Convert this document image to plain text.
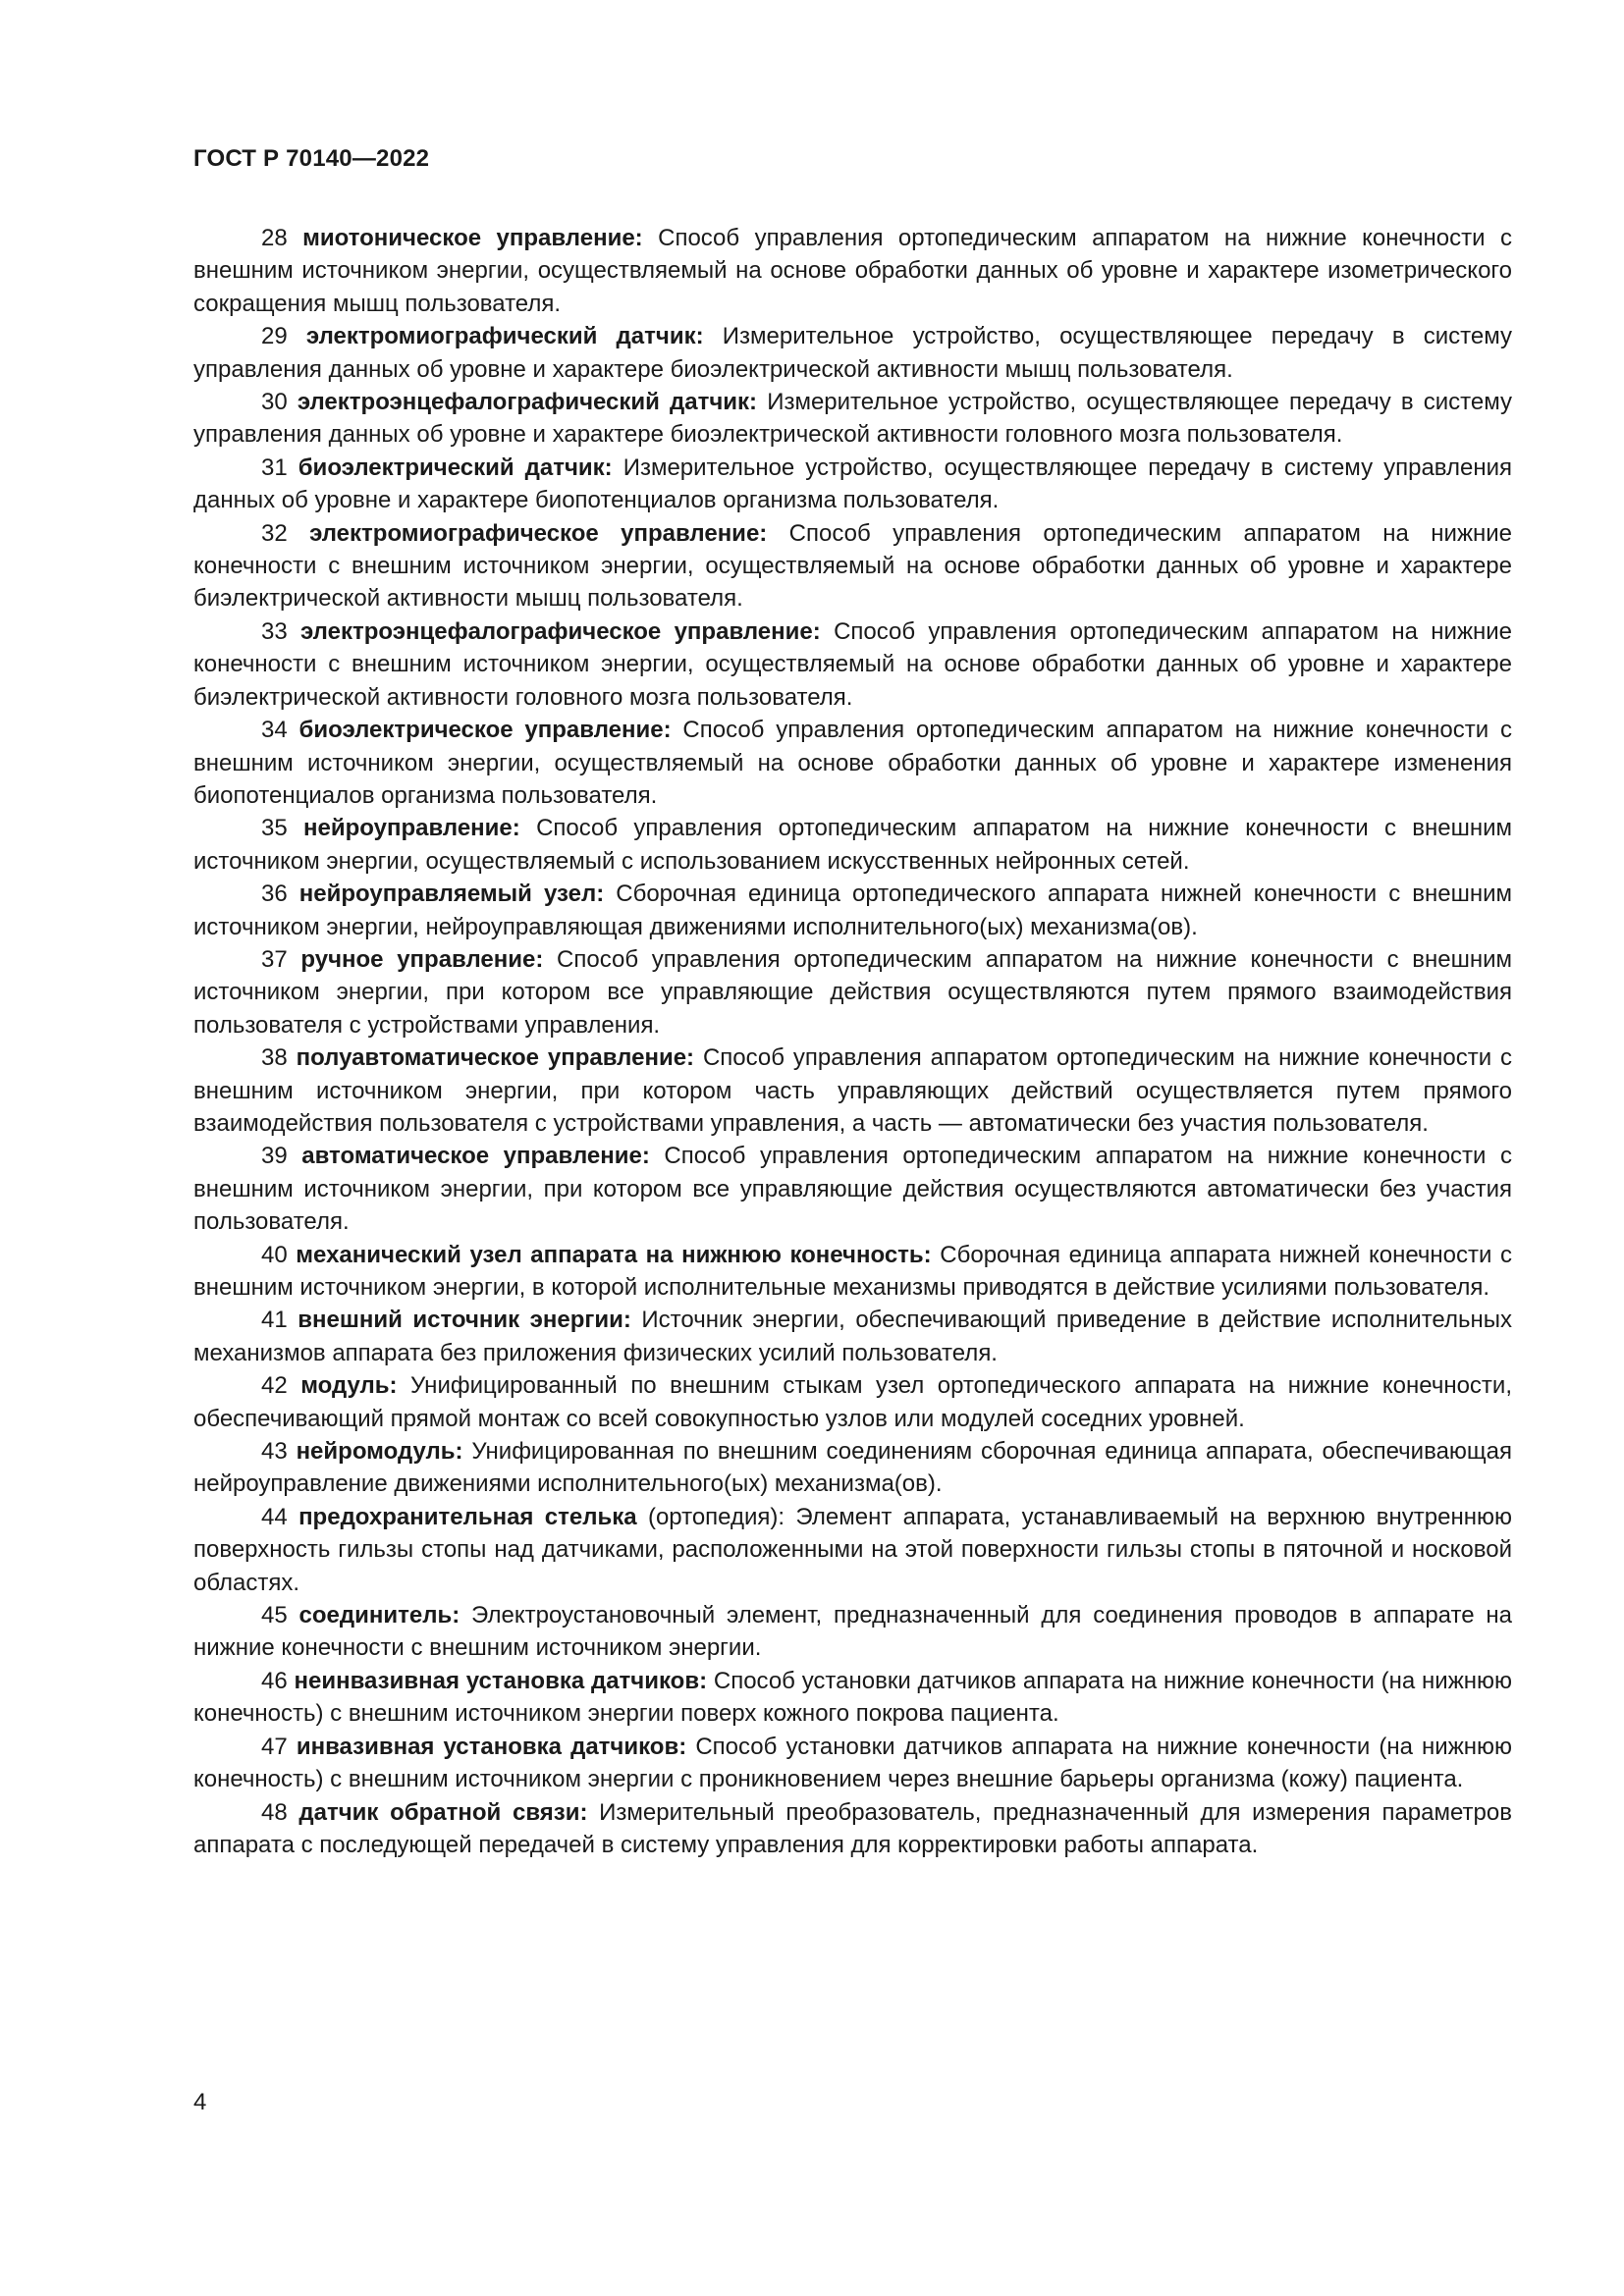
ГОСТ Р 70140—2022

28 миотоническое управление: Способ управления ортопедическим аппаратом на нижние конечности с внешним источником энергии, осуществляемый на основе обработки данных об уровне и характере изометрического сокращения мышц пользователя.

29 электромиографический датчик: Измерительное устройство, осуществляющее передачу в систему управления данных об уровне и характере биоэлектрической активности мышц пользователя.

30 электроэнцефалографический датчик: Измерительное устройство, осуществляющее передачу в систему управления данных об уровне и характере биоэлектрической активности головного мозга пользователя.

31 биоэлектрический датчик: Измерительное устройство, осуществляющее передачу в систему управления данных об уровне и характере биопотенциалов организма пользователя.

32 электромиографическое управление: Способ управления ортопедическим аппаратом на нижние конечности с внешним источником энергии, осуществляемый на основе обработки данных об уровне и характере биэлектрической активности мышц пользователя.

33 электроэнцефалографическое управление: Способ управления ортопедическим аппаратом на нижние конечности с внешним источником энергии, осуществляемый на основе обработки данных об уровне и характере биэлектрической активности головного мозга пользователя.

34 биоэлектрическое управление: Способ управления ортопедическим аппаратом на нижние конечности с внешним источником энергии, осуществляемый на основе обработки данных об уровне и характере изменения биопотенциалов организма пользователя.

35 нейроуправление: Способ управления ортопедическим аппаратом на нижние конечности с внешним источником энергии, осуществляемый с использованием искусственных нейронных сетей.

36 нейроуправляемый узел: Сборочная единица ортопедического аппарата нижней конечности с внешним источником энергии, нейроуправляющая движениями исполнительного(ых) механизма(ов).

37 ручное управление: Способ управления ортопедическим аппаратом на нижние конечности с внешним источником энергии, при котором все управляющие действия осуществляются путем прямого взаимодействия пользователя с устройствами управления.

38 полуавтоматическое управление: Способ управления аппаратом ортопедическим на нижние конечности с внешним источником энергии, при котором часть управляющих действий осуществляется путем прямого взаимодействия пользователя с устройствами управления, а часть — автоматически без участия пользователя.

39 автоматическое управление: Способ управления ортопедическим аппаратом на нижние конечности с внешним источником энергии, при котором все управляющие действия осуществляются автоматически без участия пользователя.

40 механический узел аппарата на нижнюю конечность: Сборочная единица аппарата нижней конечности с внешним источником энергии, в которой исполнительные механизмы приводятся в действие усилиями пользователя.

41 внешний источник энергии: Источник энергии, обеспечивающий приведение в действие исполнительных механизмов аппарата без приложения физических усилий пользователя.

42 модуль: Унифицированный по внешним стыкам узел ортопедического аппарата на нижние конечности, обеспечивающий прямой монтаж со всей совокупностью узлов или модулей соседних уровней.

43 нейромодуль: Унифицированная по внешним соединениям сборочная единица аппарата, обеспечивающая нейроуправление движениями исполнительного(ых) механизма(ов).

44 предохранительная стелька (ортопедия): Элемент аппарата, устанавливаемый на верхнюю внутреннюю поверхность гильзы стопы над датчиками, расположенными на этой поверхности гильзы стопы в пяточной и носковой областях.

45 соединитель: Электроустановочный элемент, предназначенный для соединения проводов в аппарате на нижние конечности с внешним источником энергии.

46 неинвазивная установка датчиков: Способ установки датчиков аппарата на нижние конечности (на нижнюю конечность) с внешним источником энергии поверх кожного покрова пациента.

47 инвазивная установка датчиков: Способ установки датчиков аппарата на нижние конечности (на нижнюю конечность) с внешним источником энергии с проникновением через внешние барьеры организма (кожу) пациента.

48 датчик обратной связи: Измерительный преобразователь, предназначенный для измерения параметров аппарата с последующей передачей в систему управления для корректировки работы аппарата.

4
